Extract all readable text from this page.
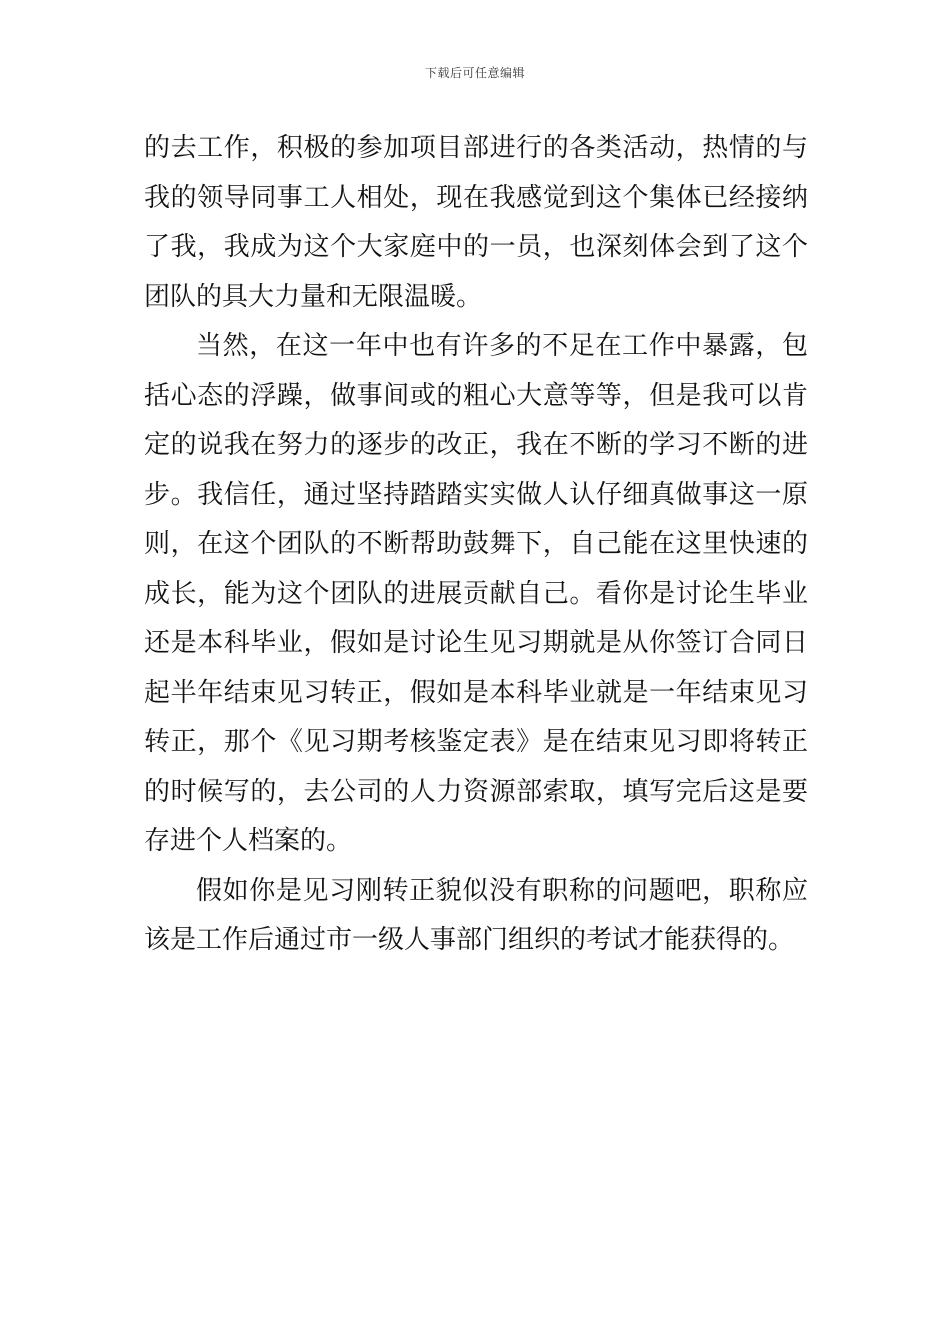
下载后可任意编辑

的去工作，积极的参加项目部进行的各类活动，热情的与我的领导同事工人相处，现在我感觉到这个集体已经接纳了我，我成为这个大家庭中的一员，也深刻体会到了这个团队的具大力量和无限温暖。

当然，在这一年中也有许多的不足在工作中暴露，包括心态的浮躁，做事间或的粗心大意等等，但是我可以肯定的说我在努力的逐步的改正，我在不断的学习不断的进步。我信任，通过坚持踏踏实实做人认仔细真做事这一原则，在这个团队的不断帮助鼓舞下，自己能在这里快速的成长，能为这个团队的进展贡献自己。看你是讨论生毕业还是本科毕业，假如是讨论生见习期就是从你签订合同日起半年结束见习转正，假如是本科毕业就是一年结束见习转正，那个《见习期考核鉴定表》是在结束见习即将转正的时候写的，去公司的人力资源部索取，填写完后这是要存进个人档案的。

假如你是见习刚转正貌似没有职称的问题吧，职称应该是工作后通过市一级人事部门组织的考试才能获得的。
